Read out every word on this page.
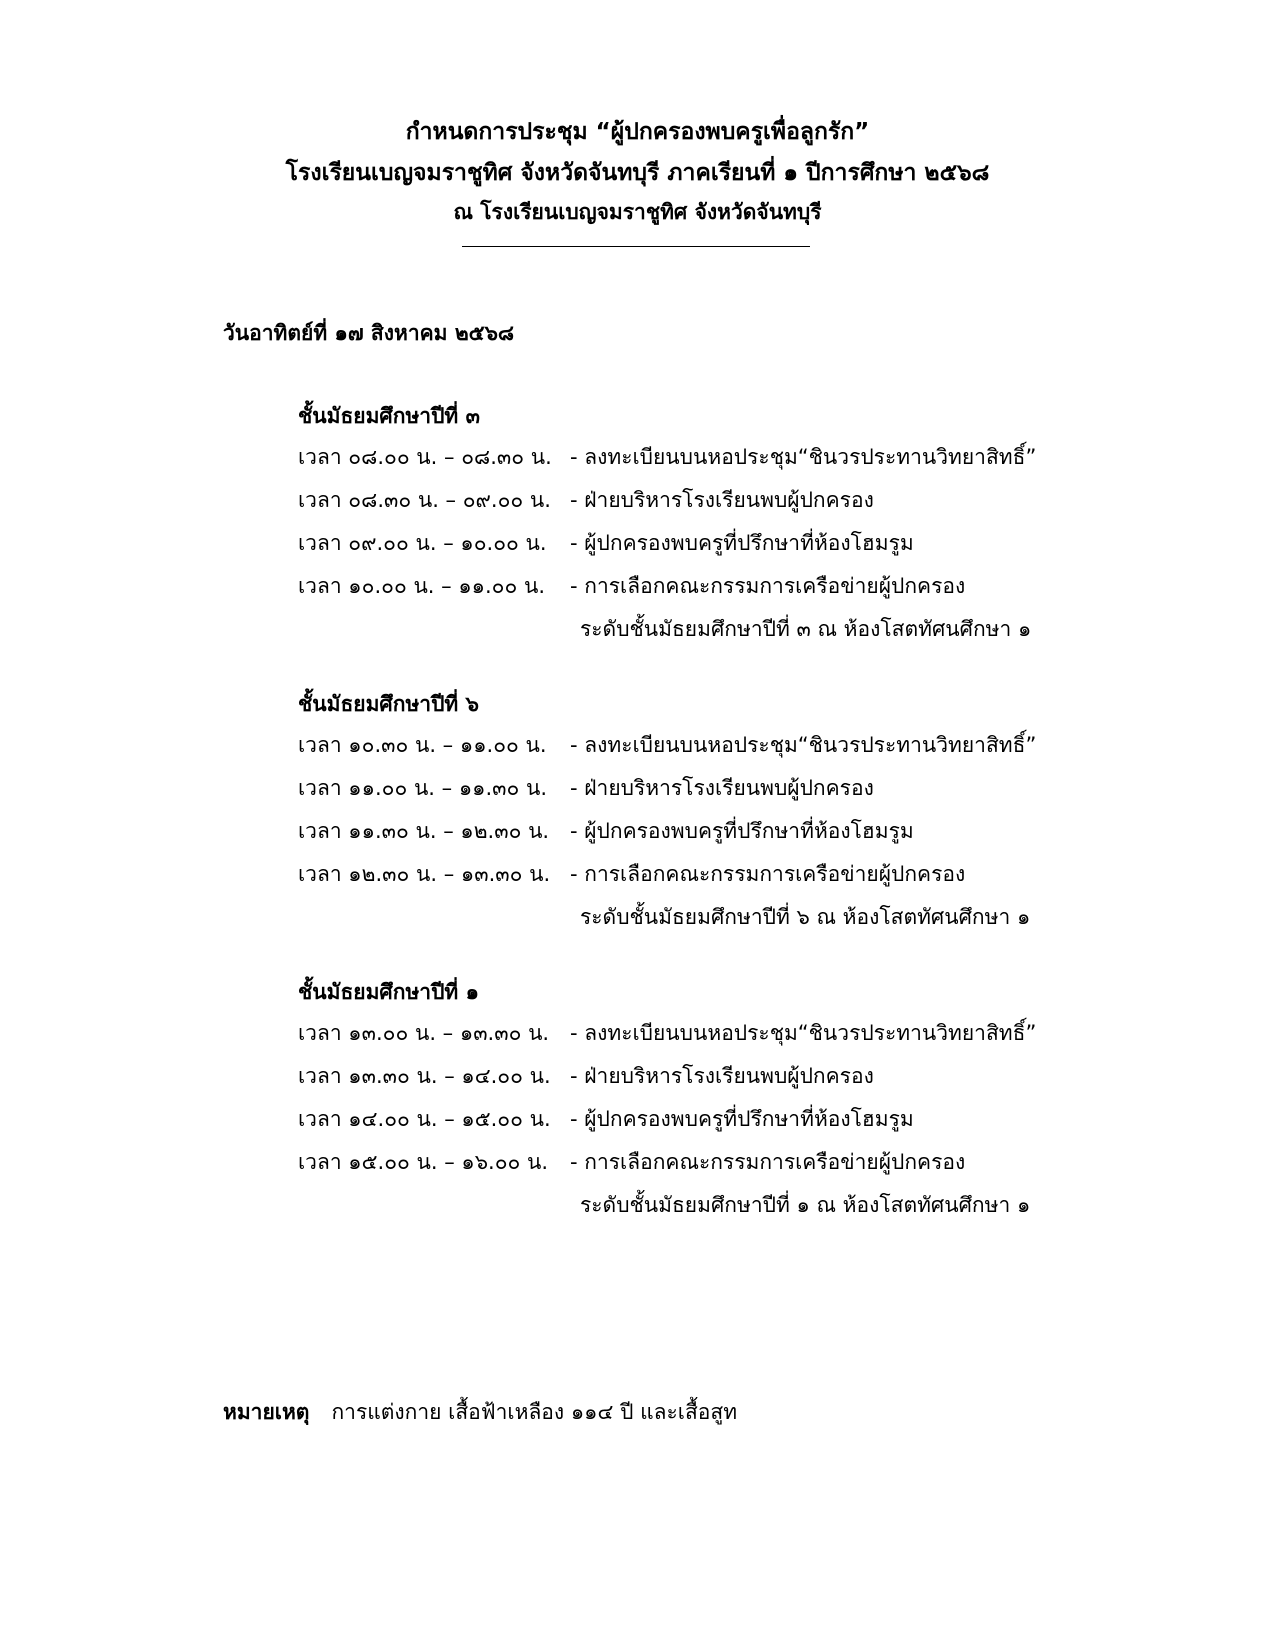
กำหนดการประชุม “ผู้ปกครองพบครูเพื่อลูกรัก”
โรงเรียนเบญจมราชูทิศ จังหวัดจันทบุรี ภาคเรียนที่ ๑ ปีการศึกษา ๒๕๖๘
ณ โรงเรียนเบญจมราชูทิศ จังหวัดจันทบุรี
วันอาทิตย์ที่ ๑๗ สิงหาคม ๒๕๖๘
ชั้นมัธยมศึกษาปีที่ ๓
เวลา ๐๘.๐๐ น. – ๐๘.๓๐ น. - ลงทะเบียนบนหอประชุม“ชินวรประทานวิทยาสิทธิ์”
เวลา ๐๘.๓๐ น. – ๐๙.๐๐ น. - ฝ่ายบริหารโรงเรียนพบผู้ปกครอง
เวลา ๐๙.๐๐ น. – ๑๐.๐๐ น. - ผู้ปกครองพบครูที่ปรึกษาที่ห้องโฮมรูม
เวลา ๑๐.๐๐ น. – ๑๑.๐๐ น. - การเลือกคณะกรรมการเครือข่ายผู้ปกครอง
ระดับชั้นมัธยมศึกษาปีที่ ๓ ณ ห้องโสตทัศนศึกษา ๑
ชั้นมัธยมศึกษาปีที่ ๖
เวลา ๑๐.๓๐ น. – ๑๑.๐๐ น. - ลงทะเบียนบนหอประชุม“ชินวรประทานวิทยาสิทธิ์”
เวลา ๑๑.๐๐ น. – ๑๑.๓๐ น. - ฝ่ายบริหารโรงเรียนพบผู้ปกครอง
เวลา ๑๑.๓๐ น. – ๑๒.๓๐ น. - ผู้ปกครองพบครูที่ปรึกษาที่ห้องโฮมรูม
เวลา ๑๒.๓๐ น. – ๑๓.๓๐ น. - การเลือกคณะกรรมการเครือข่ายผู้ปกครอง
ระดับชั้นมัธยมศึกษาปีที่ ๖ ณ ห้องโสตทัศนศึกษา ๑
ชั้นมัธยมศึกษาปีที่ ๑
เวลา ๑๓.๐๐ น. – ๑๓.๓๐ น. - ลงทะเบียนบนหอประชุม“ชินวรประทานวิทยาสิทธิ์”
เวลา ๑๓.๓๐ น. – ๑๔.๐๐ น. - ฝ่ายบริหารโรงเรียนพบผู้ปกครอง
เวลา ๑๔.๐๐ น. – ๑๕.๐๐ น. - ผู้ปกครองพบครูที่ปรึกษาที่ห้องโฮมรูม
เวลา ๑๕.๐๐ น. – ๑๖.๐๐ น. - การเลือกคณะกรรมการเครือข่ายผู้ปกครอง
ระดับชั้นมัธยมศึกษาปีที่ ๑ ณ ห้องโสตทัศนศึกษา ๑
หมายเหตุ การแต่งกาย เสื้อฟ้าเหลือง ๑๑๔ ปี และเสื้อสูท
